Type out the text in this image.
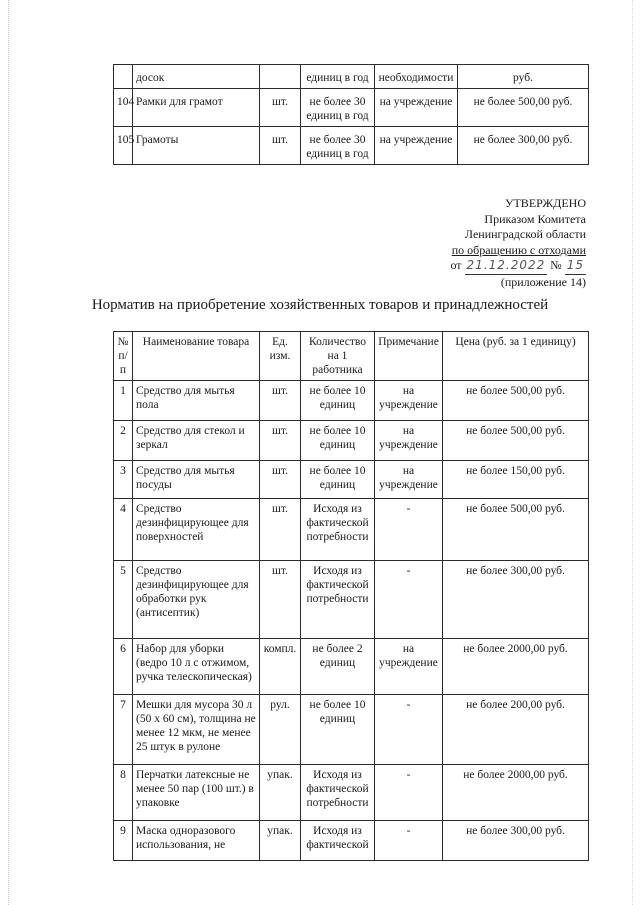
	досок		единиц в год	необходимости	руб.
104	Рамки для грамот	шт.	не более 30 единиц в год	на учреждение	не более 500,00 руб.
105	Грамоты	шт.	не более 30 единиц в год	на учреждение	не более 300,00 руб.
УТВЕРЖДЕНО
Приказом Комитета
Ленинградской области
по обращению с отходами
от 21.12.2022 № 15
(приложение 14)
Норматив на приобретение хозяйственных товаров и принадлежностей
№ п/п	Наименование товара	Ед. изм.	Количество на 1 работника	Примечание	Цена (руб. за 1 единицу)
1	Средство для мытья пола	шт.	не более 10 единиц	на учреждение	не более 500,00 руб.
2	Средство для стекол и зеркал	шт.	не более 10 единиц	на учреждение	не более 500,00 руб.
3	Средство для мытья посуды	шт.	не более 10 единиц	на учреждение	не более 150,00 руб.
4	Средство дезинфицирующее для поверхностей	шт.	Исходя из фактической потребности	-	не более 500,00 руб.
5	Средство дезинфицирующее для обработки рук (антисептик)	шт.	Исходя из фактической потребности	-	не более 300,00 руб.
6	Набор для уборки (ведро 10 л с отжимом, ручка телескопическая)	компл.	не более 2 единиц	на учреждение	не более 2000,00 руб.
7	Мешки для мусора 30 л (50 х 60 см), толщина не менее 12 мкм, не менее 25 штук в рулоне	рул.	не более 10 единиц	-	не более 200,00 руб.
8	Перчатки латексные не менее 50 пар (100 шт.) в упаковке	упак.	Исходя из фактической потребности	-	не более 2000,00 руб.
9	Маска одноразового использования, не	упак.	Исходя из фактической	-	не более 300,00 руб.
